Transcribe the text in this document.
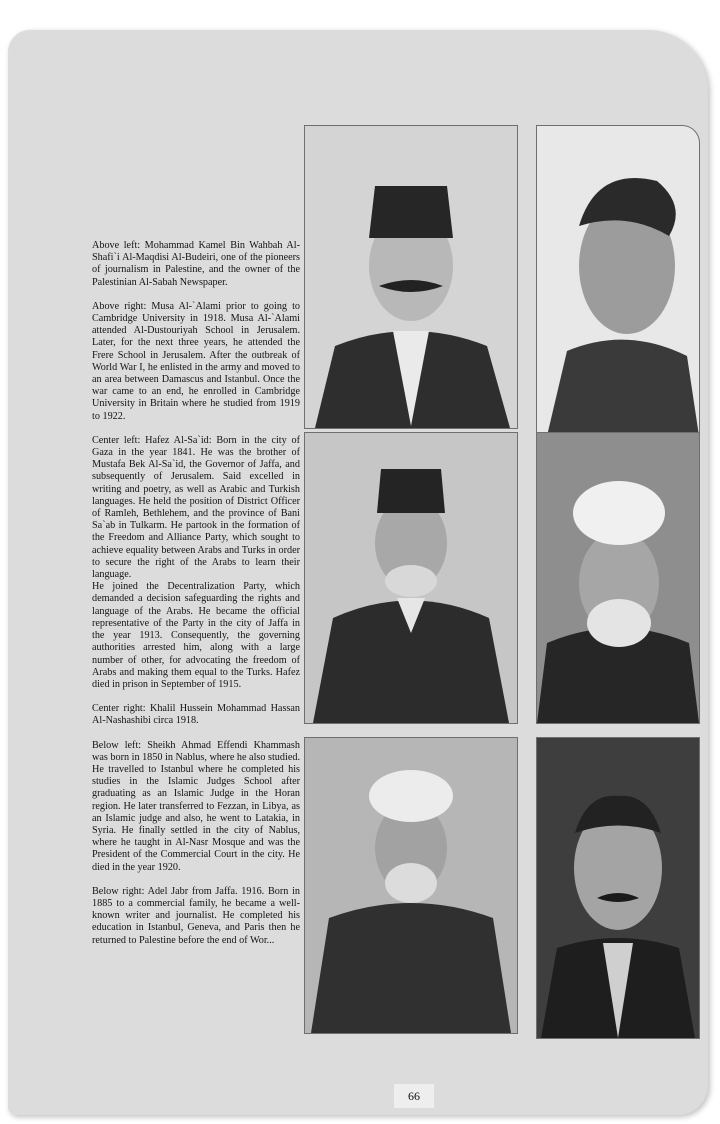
Above left: Mohammad Kamel Bin Wahbah Al-Shafi`i Al-Maqdisi Al-Budeiri, one of the pioneers of journalism in Palestine, and the owner of the Palestinian Al-Sabah Newspaper.

Above right: Musa Al-`Alami prior to going to Cambridge University in 1918. Musa Al-`Alami attended Al-Dustouriyah School in Jerusalem. Later, for the next three years, he attended the Frere School in Jerusalem. After the outbreak of World War I, he enlisted in the army and moved to an area between Damascus and Istanbul. Once the war came to an end, he enrolled in Cambridge University in Britain where he studied from 1919 to 1922.

Center left: Hafez Al-Sa`id: Born in the city of Gaza in the year 1841. He was the brother of Mustafa Bek Al-Sa`id, the Governor of Jaffa, and subsequently of Jerusalem. Said excelled in writing and poetry, as well as Arabic and Turkish languages. He held the position of District Officer of Ramleh, Bethlehem, and the province of Bani Sa`ab in Tulkarm. He partook in the formation of the Freedom and Alliance Party, which sought to achieve equality between Arabs and Turks in order to secure the right of the Arabs to learn their language.

He joined the Decentralization Party, which demanded a decision safeguarding the rights and language of the Arabs. He became the official representative of the Party in the city of Jaffa in the year 1913. Consequently, the governing authorities arrested him, along with a large number of other, for advocating the freedom of Arabs and making them equal to the Turks. Hafez died in prison in September of 1915.

Center right: Khalil Hussein Mohammad Hassan Al-Nashashibi circa 1918.

Below left: Sheikh Ahmad Effendi Khammash was born in 1850 in Nablus, where he also studied. He travelled to Istanbul where he completed his studies in the Islamic Judges School after graduating as an Islamic Judge in the Horan region. He later transferred to Fezzan, in Libya, as an Islamic judge and also, he went to Latakia, in Syria. He finally settled in the city of Nablus, where he taught in Al-Nasr Mosque and was the President of the Commercial Court in the city. He died in the year 1920.

Below right: Adel Jabr from Jaffa. 1916. Born in 1885 to a commercial family, he became a well-known writer and journalist. He completed his education in Istanbul, Geneva, and Paris then he returned to Palestine before the end of Wor...

66
